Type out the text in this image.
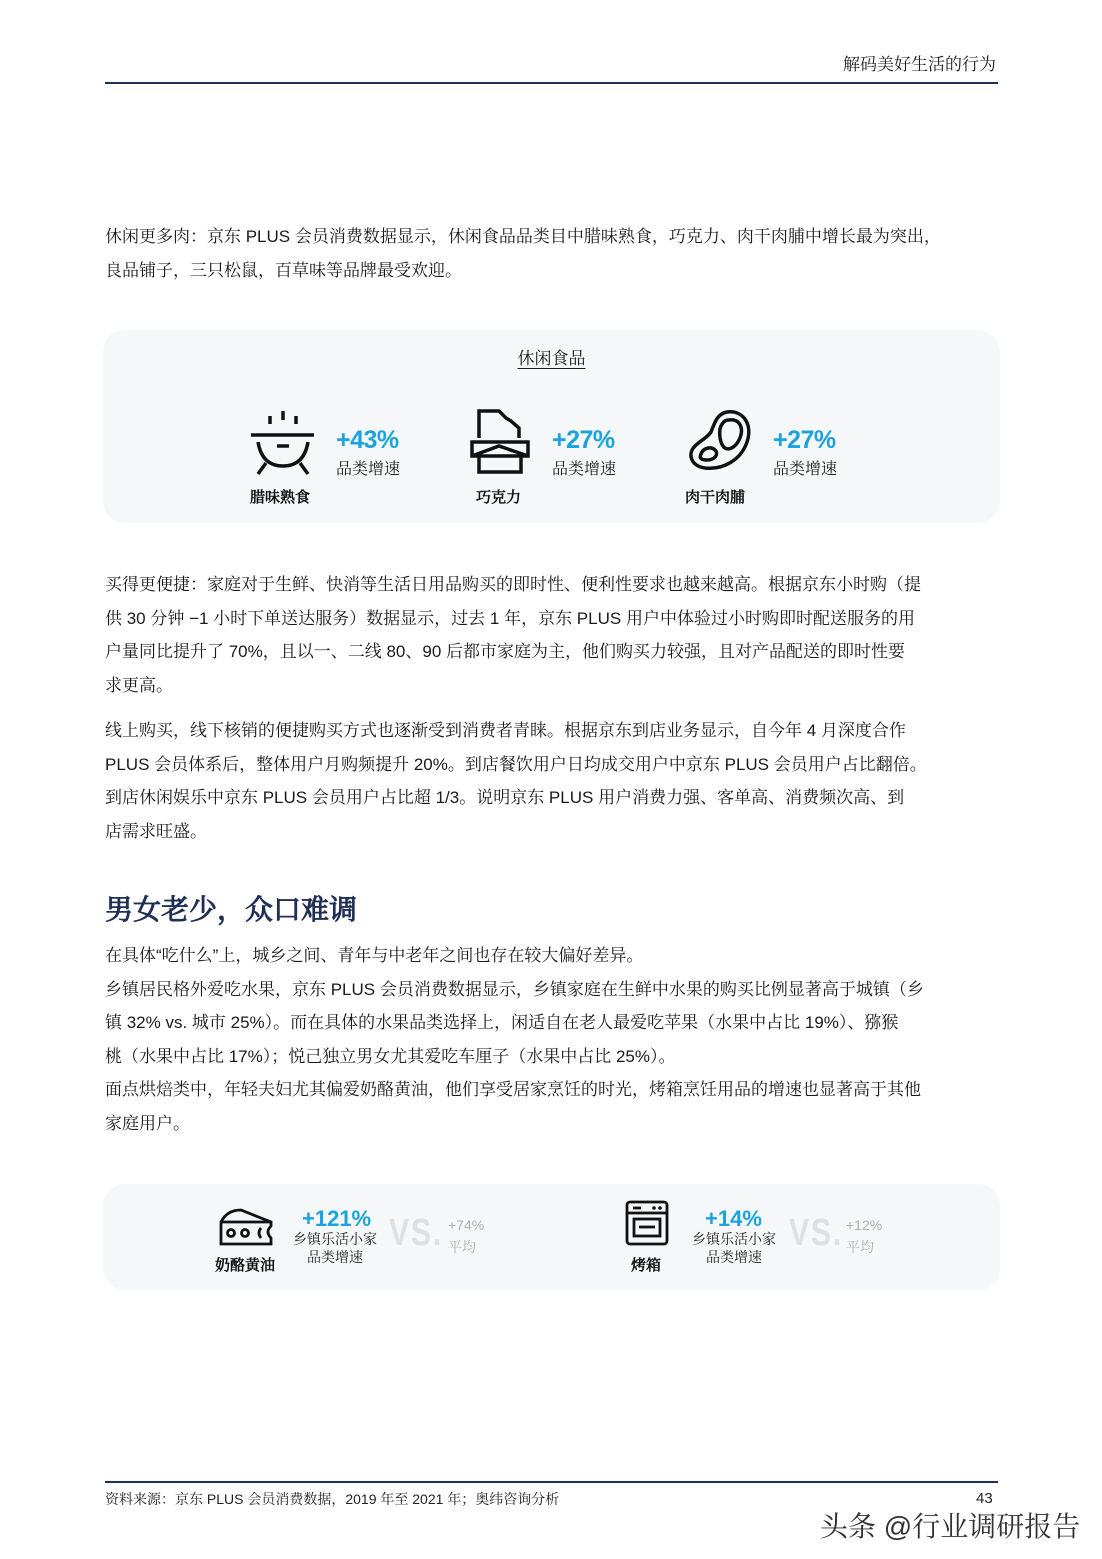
解码美好生活的行为
休闲更多肉：京东 PLUS 会员消费数据显示，休闲食品品类目中腊味熟食，巧克力、肉干肉脯中增长最为突出，
良品铺子，三只松鼠，百草味等品牌最受欢迎。
休闲食品
+43%
品类增速
腊味熟食
+27%
品类增速
巧克力
+27%
品类增速
肉干肉脯
买得更便捷：家庭对于生鲜、快消等生活日用品购买的即时性、便利性要求也越来越高。根据京东小时购（提
供 30 分钟 −1 小时下单送达服务）数据显示，过去 1 年，京东 PLUS 用户中体验过小时购即时配送服务的用
户量同比提升了 70%，且以一、二线 80、90 后都市家庭为主，他们购买力较强，且对产品配送的即时性要
求更高。
线上购买，线下核销的便捷购买方式也逐渐受到消费者青睐。根据京东到店业务显示，自今年 4 月深度合作
PLUS 会员体系后，整体用户月购频提升 20%。到店餐饮用户日均成交用户中京东 PLUS 会员用户占比翻倍。
到店休闲娱乐中京东 PLUS 会员用户占比超 1/3。说明京东 PLUS 用户消费力强、客单高、消费频次高、到
店需求旺盛。
男女老少，众口难调
在具体“吃什么”上，城乡之间、青年与中老年之间也存在较大偏好差异。
乡镇居民格外爱吃水果，京东 PLUS 会员消费数据显示，乡镇家庭在生鲜中水果的购买比例显著高于城镇（乡
镇 32% vs. 城市 25%）。而在具体的水果品类选择上，闲适自在老人最爱吃苹果（水果中占比 19%）、猕猴
桃（水果中占比 17%）；悦己独立男女尤其爱吃车厘子（水果中占比 25%）。
面点烘焙类中，年轻夫妇尤其偏爱奶酪黄油，他们享受居家烹饪的时光，烤箱烹饪用品的增速也显著高于其他
家庭用户。
奶酪黄油
+121%
乡镇乐活小家
品类增速
VS. +74%
平均
烤箱
+14%
乡镇乐活小家
品类增速
VS. +12%
平均
资料来源：京东 PLUS 会员消费数据，2019 年至 2021 年；奥纬咨询分析	43
头条 @行业调研报告
